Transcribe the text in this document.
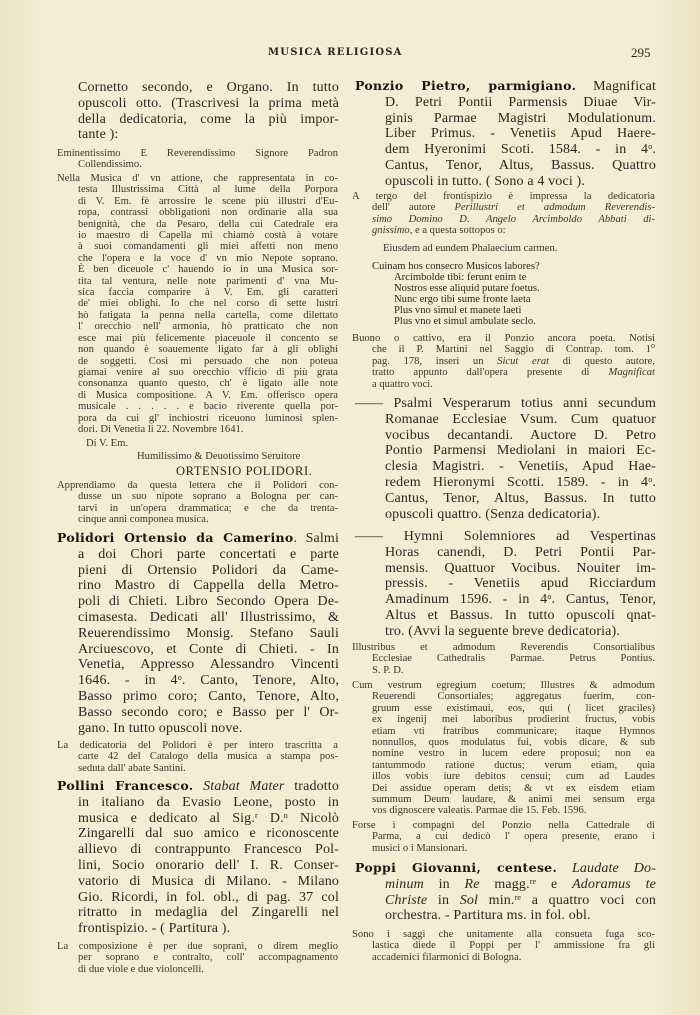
MUSICA RELIGIOSA	295
Cornetto secondo, e Organo. In tutto
opuscoli otto. (Trascrivesi la prima metà
della dedicatoria, come la più impor-
tante ):
Eminentissimo E Reverendissimo Signore Padron
Collendissimo.
Nella Musica d' vn attione, che rappresentata in co-
testa Illustrissima Città al lume della Porpora
di V. Em. fè arrossire le scene più illustri d'Eu-
ropa, contrassi obbligationi non ordinarie alla sua
benignità, che da Pesaro, della cui Catedrale era
io maestro di Capella mi chiamò costà à votare
à suoi comandamenti gli miei affetti non meno
che l'opera e la voce d' vn mio Nepote soprano.
È ben diceuole c' hauendo io in una Musica sor-
tita tal ventura, nelle note parimenti d' vna Mu-
sica faccia comparire à V. Em. gli caratteri
de' miei oblighi. Io che nel corso di sette lustri
hò fatigata la penna nella cartella, come dilettato
l' orecchio nell' armonia, hò pratticato che non
esce mai più felicemente piaceuole il concento se
non quando è soauemente ligato far à gli oblighi
de soggetti. Così mi persuado che non poteua
giamai venire al suo orecchio vfficio di più grata
consonanza quanto questo, ch' è ligato alle note
di Musica compositione. A V. Em. offerisco opera
musicale . . . . . e bacio riverente quella por-
pora da cui gl' inchiostri riceuono luminosi splen-
dori. Di Venetia li 22. Novembre 1641.
Di V. Em.
Humilissimo & Deuotissimo Seruitore
ORTENSIO POLIDORI.
Apprendiamo da questa lettera che il Polidori con-
dusse un suo nipote soprano a Bologna per can-
tarvi in un'opera drammatica; e che da trenta-
cinque anni componea musica.
Polidori Ortensio da Camerino. Salmi
a doi Chori parte concertati e parte
pieni di Ortensio Polidori da Came-
rino Mastro di Cappella della Metro-
poli di Chieti. Libro Secondo Opera De-
cimasesta. Dedicati all' Illustrissimo, &
Reuerendissimo Monsig. Stefano Sauli
Arciuescovo, et Conte di Chieti. - In
Venetia, Appresso Alessandro Vincenti
1646. - in 4$^o$. Canto, Tenore, Alto,
Basso primo coro; Canto, Tenore, Alto,
Basso secondo coro; e Basso per l' Or-
gano. In tutto opuscoli nove.
La dedicatoria del Polidori è per intero trascritta a
carte 42 del Catalogo della musica a stampa pos-
seduta dall' abate Santini.
Pollini Francesco. Stabat Mater tradotto
in italiano da Evasio Leone, posto in
musica e dedicato al Sig.$^r$ D.$^n$ Nicolò
Zingarelli dal suo amico e riconoscente
allievo di contrappunto Francesco Pol-
lini, Socio onorario dell' I. R. Conser-
vatorio di Musica di Milano. - Milano
Gio. Ricordi, in fol. obl., di pag. 37 col
ritratto in medaglia del Zingarelli nel
frontispizio. - ( Partitura ).
La composizione è per due soprani, o direm meglio
per soprano e contralto, coll' accompagnamento
di due viole e due violoncelli.
Ponzio Pietro, parmigiano. Magnificat
D. Petri Pontii Parmensis Diuae Vir-
ginis Parmae Magistri Modulationum.
Liber Primus. - Venetiis Apud Haere-
dem Hyeronimi Scoti. 1584. - in 4$^o$.
Cantus, Tenor, Altus, Bassus. Quattro
opuscoli in tutto. ( Sono a 4 voci ).
A tergo del frontispizio è impressa la dedicatoria
dell' autore Perillustri et admodum Reverendis-
simo Domino D. Angelo Arcimboldo Abbati di-
gnissimo, e a questa sottopos o:
Eiusdem ad eundem Phalaecium carmen.
Cuinam hos consecro Musicos labores?
Arcimbolde tibi: ferunt enim te
Nostros esse aliquid putare foetus.
Nunc ergo tibi sume fronte laeta
Plus vno simul et manete laeti
Plus vno et simul ambulate seclo.
Buono o cattivo, era il Ponzio ancora poeta. Notisi
che il P. Martini nel Saggio di Contrap. tom. 1$^o$
pag. 178, inserì un Sicut erat di questo autore,
tratto appunto dall'opera presente di Magnificat
a quattro voci.
—— Psalmi Vesperarum totius anni secundum
Romanae Ecclesiae Vsum. Cum quatuor
vocibus decantandi. Auctore D. Petro
Pontio Parmensi Mediolani in maiori Ec-
clesia Magistri. - Venetiis, Apud Hae-
redem Hieronymi Scotti. 1589. - in 4$^o$.
Cantus, Tenor, Altus, Bassus. In tutto
opuscoli quattro. (Senza dedicatoria).
—— Hymni Solemniores ad Vespertinas
Horas canendi, D. Petri Pontii Par-
mensis. Quattuor Vocibus. Nouiter im-
pressis. - Venetiis apud Ricciardum
Amadinum 1596. - in 4$^o$. Cantus, Tenor,
Altus et Bassus. In tutto opuscoli qnat-
tro. (Avvi la seguente breve dedicatoria).
Illustribus et admodum Reverendis Consortialibus
Ecclesiae Cathedralis Parmae. Petrus Pontius.
S. P. D.
Cum vestrum egregium coetum; Illustres & admodum
Reuerendi Consortiales; aggregatus fuerim, con-
gruum esse existimaui, eos, qui ( licet graciles)
ex ingenij mei laboribus prodierint fructus, vobis
etiam vti fratribus communicare; itaque Hymnos
nonnullos, quos modulatus fui, vobis dicare, & sub
nomine vestro in lucem edere proposui; non ea
tantummodo ratione ductus; verum etiam, quia
illos vobis iure debitos censui; cum ad Laudes
Dei assidue operam detis; & vt ex eisdem etiam
summum Deum laudare, & animi mei sensum erga
vos dignoscere valeatis. Parmae die 15. Feb. 1596.
Forse i compagni del Ponzio nella Cattedrale di
Parma, a cui dedicò l' opera presente, erano i
musici o i Mansionari.
Poppi Giovanni, centese. Laudate Do-
minum in Re magg.$^{re}$ e Adoramus te
Christe in Sol min.$^{re}$ a quattro voci con
orchestra. - Partitura ms. in fol. obl.
Sono i saggi che unitamente alla consueta fuga sco-
lastica diede il Poppi per l' ammissione fra gli
accademici filarmonici di Bologna.
